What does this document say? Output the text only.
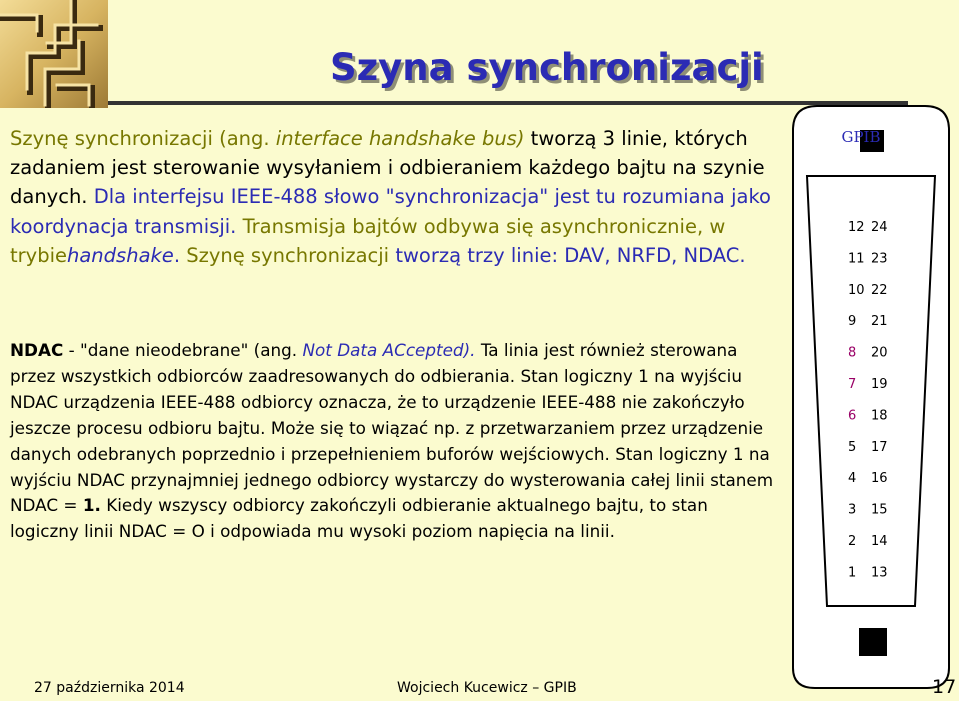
Szyna synchronizacji
Szynę synchronizacji (ang. interface handshake bus) tworzą 3 linie, których zadaniem jest sterowanie wysyłaniem i odbieraniem każdego bajtu na szynie danych. Dla interfejsu IEEE-488 słowo "synchronizacja" jest tu rozumiana jako koordynacja transmisji. Transmisja bajtów odbywa się asynchronicznie, w trybiehandshake. Szynę synchronizacji tworzą trzy linie: DAV, NRFD, NDAC.
NDAC - "dane nieodebrane" (ang. Not Data ACcepted). Ta linia jest również sterowana przez wszystkich odbiorców zaadresowanych do odbierania. Stan logiczny 1 na wyjściu NDAC urządzenia IEEE-488 odbiorcy oznacza, że to urządzenie IEEE-488 nie zakończyło jeszcze procesu odbioru bajtu. Może się to wiązać np. z przetwarzaniem przez urządzenie danych odebranych poprzednio i przepełnieniem buforów wejściowych. Stan logiczny 1 na wyjściu NDAC przynajmniej jednego odbiorcy wystarczy do wysterowania całej linii stanem NDAC = 1. Kiedy wszyscy odbiorcy zakończyli odbieranie aktualnego bajtu, to stan logiczny linii NDAC = O i odpowiada mu wysoki poziom napięcia na linii.
GPIB
12 24
11 23
10 22
9 21
8 20
7 19
6 18
5 17
4 16
3 15
2 14
1 13
27 października 2014	Wojciech Kucewicz – GPIB	17
